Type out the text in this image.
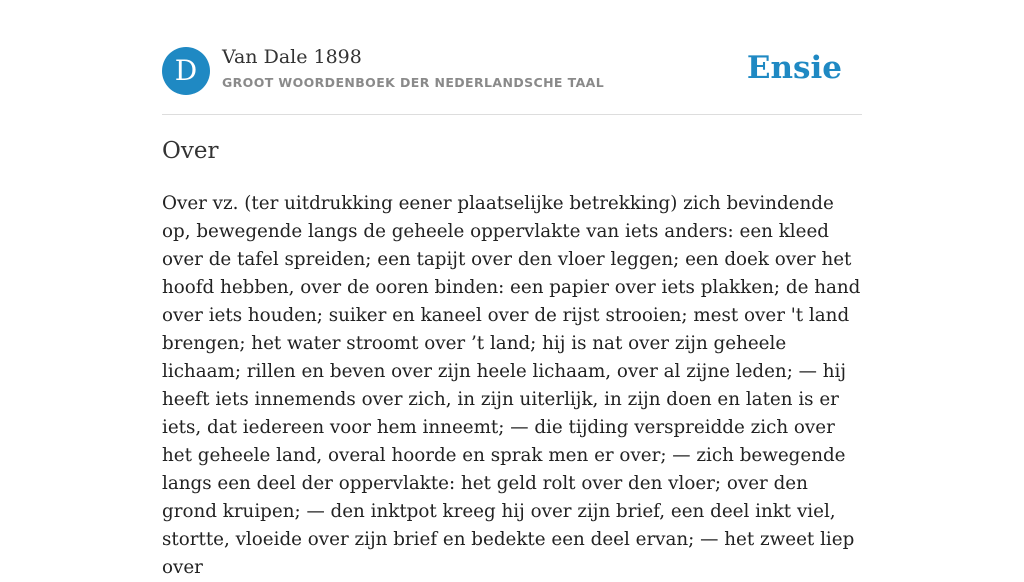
D	Van Dale 1898
GROOT WOORDENBOEK DER NEDERLANDSCHE TAAL	Ensie
Over

Over vz. (ter uitdrukking eener plaatselijke betrekking) zich bevindende op, bewegende langs de geheele oppervlakte van iets anders: een kleed over de tafel spreiden; een tapijt over den vloer leggen; een doek over het hoofd hebben, over de ooren binden: een papier over iets plakken; de hand over iets houden; suiker en kaneel over de rijst strooien; mest over 't land brengen; het water stroomt over ’t land; hij is nat over zijn geheele lichaam; rillen en beven over zijn heele lichaam, over al zijne leden; — hij heeft iets innemends over zich, in zijn uiterlijk, in zijn doen en laten is er iets, dat iedereen voor hem inneemt; — die tijding verspreidde zich over het geheele land, overal hoorde en sprak men er over; — zich bewegende langs een deel der oppervlakte: het geld rolt over den vloer; over den grond kruipen; — den inktpot kreeg hij over zijn brief, een deel inkt viel, stortte, vloeide over zijn brief en bedekte een deel ervan; — het zweet liep over
